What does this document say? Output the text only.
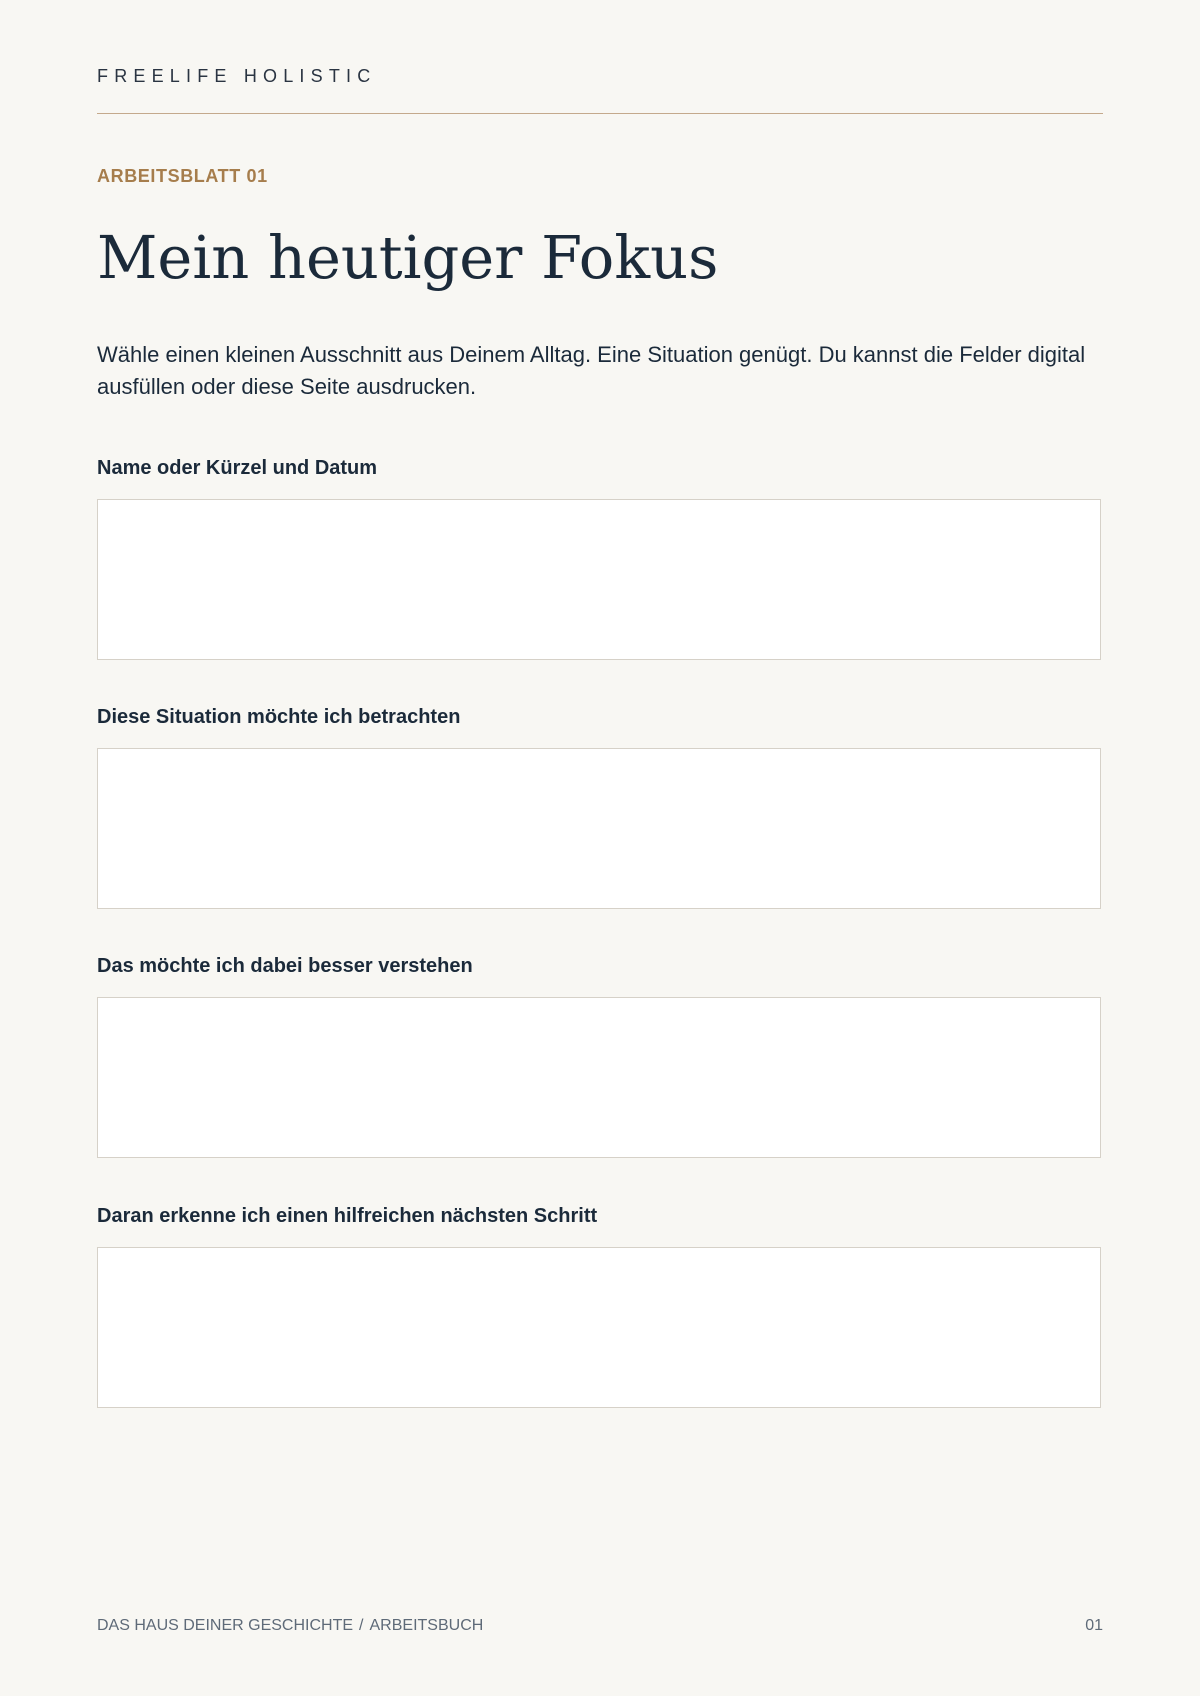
FREELIFE HOLISTIC
ARBEITSBLATT 01
Mein heutiger Fokus

Wähle einen kleinen Ausschnitt aus Deinem Alltag. Eine Situation genügt. Du kannst die Felder digital ausfüllen oder diese Seite ausdrucken.

Name oder Kürzel und Datum
Diese Situation möchte ich betrachten
Das möchte ich dabei besser verstehen
Daran erkenne ich einen hilfreichen nächsten Schritt
DAS HAUS DEINER GESCHICHTE / ARBEITSBUCH	01
